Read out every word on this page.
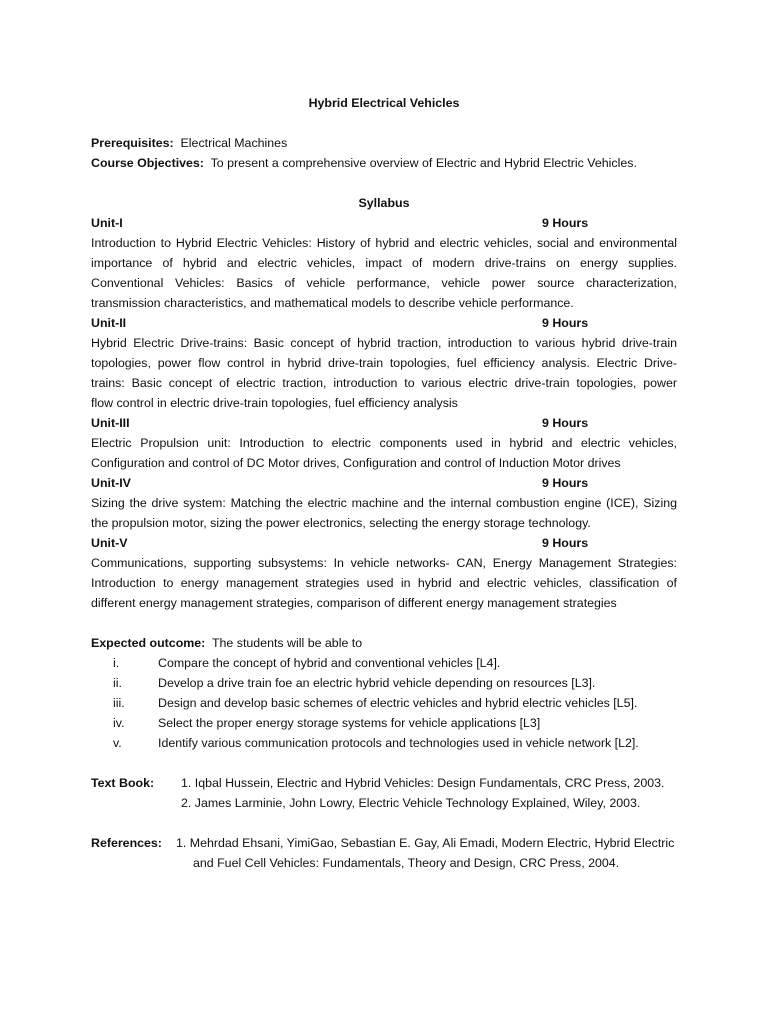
Hybrid Electrical Vehicles
Prerequisites: Electrical Machines
Course Objectives: To present a comprehensive overview of Electric and Hybrid Electric Vehicles.
Syllabus
Unit-I	9 Hours
Introduction to Hybrid Electric Vehicles: History of hybrid and electric vehicles, social and environmental
importance of hybrid and electric vehicles, impact of modern drive-trains on energy supplies.
Conventional Vehicles: Basics of vehicle performance, vehicle power source characterization,
transmission characteristics, and mathematical models to describe vehicle performance.
Unit-II	9 Hours
Hybrid Electric Drive-trains: Basic concept of hybrid traction, introduction to various hybrid drive-train
topologies, power flow control in hybrid drive-train topologies, fuel efficiency analysis. Electric Drive-
trains: Basic concept of electric traction, introduction to various electric drive-train topologies, power
flow control in electric drive-train topologies, fuel efficiency analysis
Unit-III	9 Hours
Electric Propulsion unit: Introduction to electric components used in hybrid and electric vehicles,
Configuration and control of DC Motor drives, Configuration and control of Induction Motor drives
Unit-IV	9 Hours
Sizing the drive system: Matching the electric machine and the internal combustion engine (ICE), Sizing
the propulsion motor, sizing the power electronics, selecting the energy storage technology.
Unit-V	9 Hours
Communications, supporting subsystems: In vehicle networks- CAN, Energy Management Strategies:
Introduction to energy management strategies used in hybrid and electric vehicles, classification of
different energy management strategies, comparison of different energy management strategies
Expected outcome: The students will be able to
i.	Compare the concept of hybrid and conventional vehicles [L4].
ii.	Develop a drive train foe an electric hybrid vehicle depending on resources [L3].
iii.	Design and develop basic schemes of electric vehicles and hybrid electric vehicles [L5].
iv.	Select the proper energy storage systems for vehicle applications [L3]
v.	Identify various communication protocols and technologies used in vehicle network [L2].
Text Book: 1. Iqbal Hussein, Electric and Hybrid Vehicles: Design Fundamentals, CRC Press, 2003.
2. James Larminie, John Lowry, Electric Vehicle Technology Explained, Wiley, 2003.
References: 1. Mehrdad Ehsani, YimiGao, Sebastian E. Gay, Ali Emadi, Modern Electric, Hybrid Electric
and Fuel Cell Vehicles: Fundamentals, Theory and Design, CRC Press, 2004.
